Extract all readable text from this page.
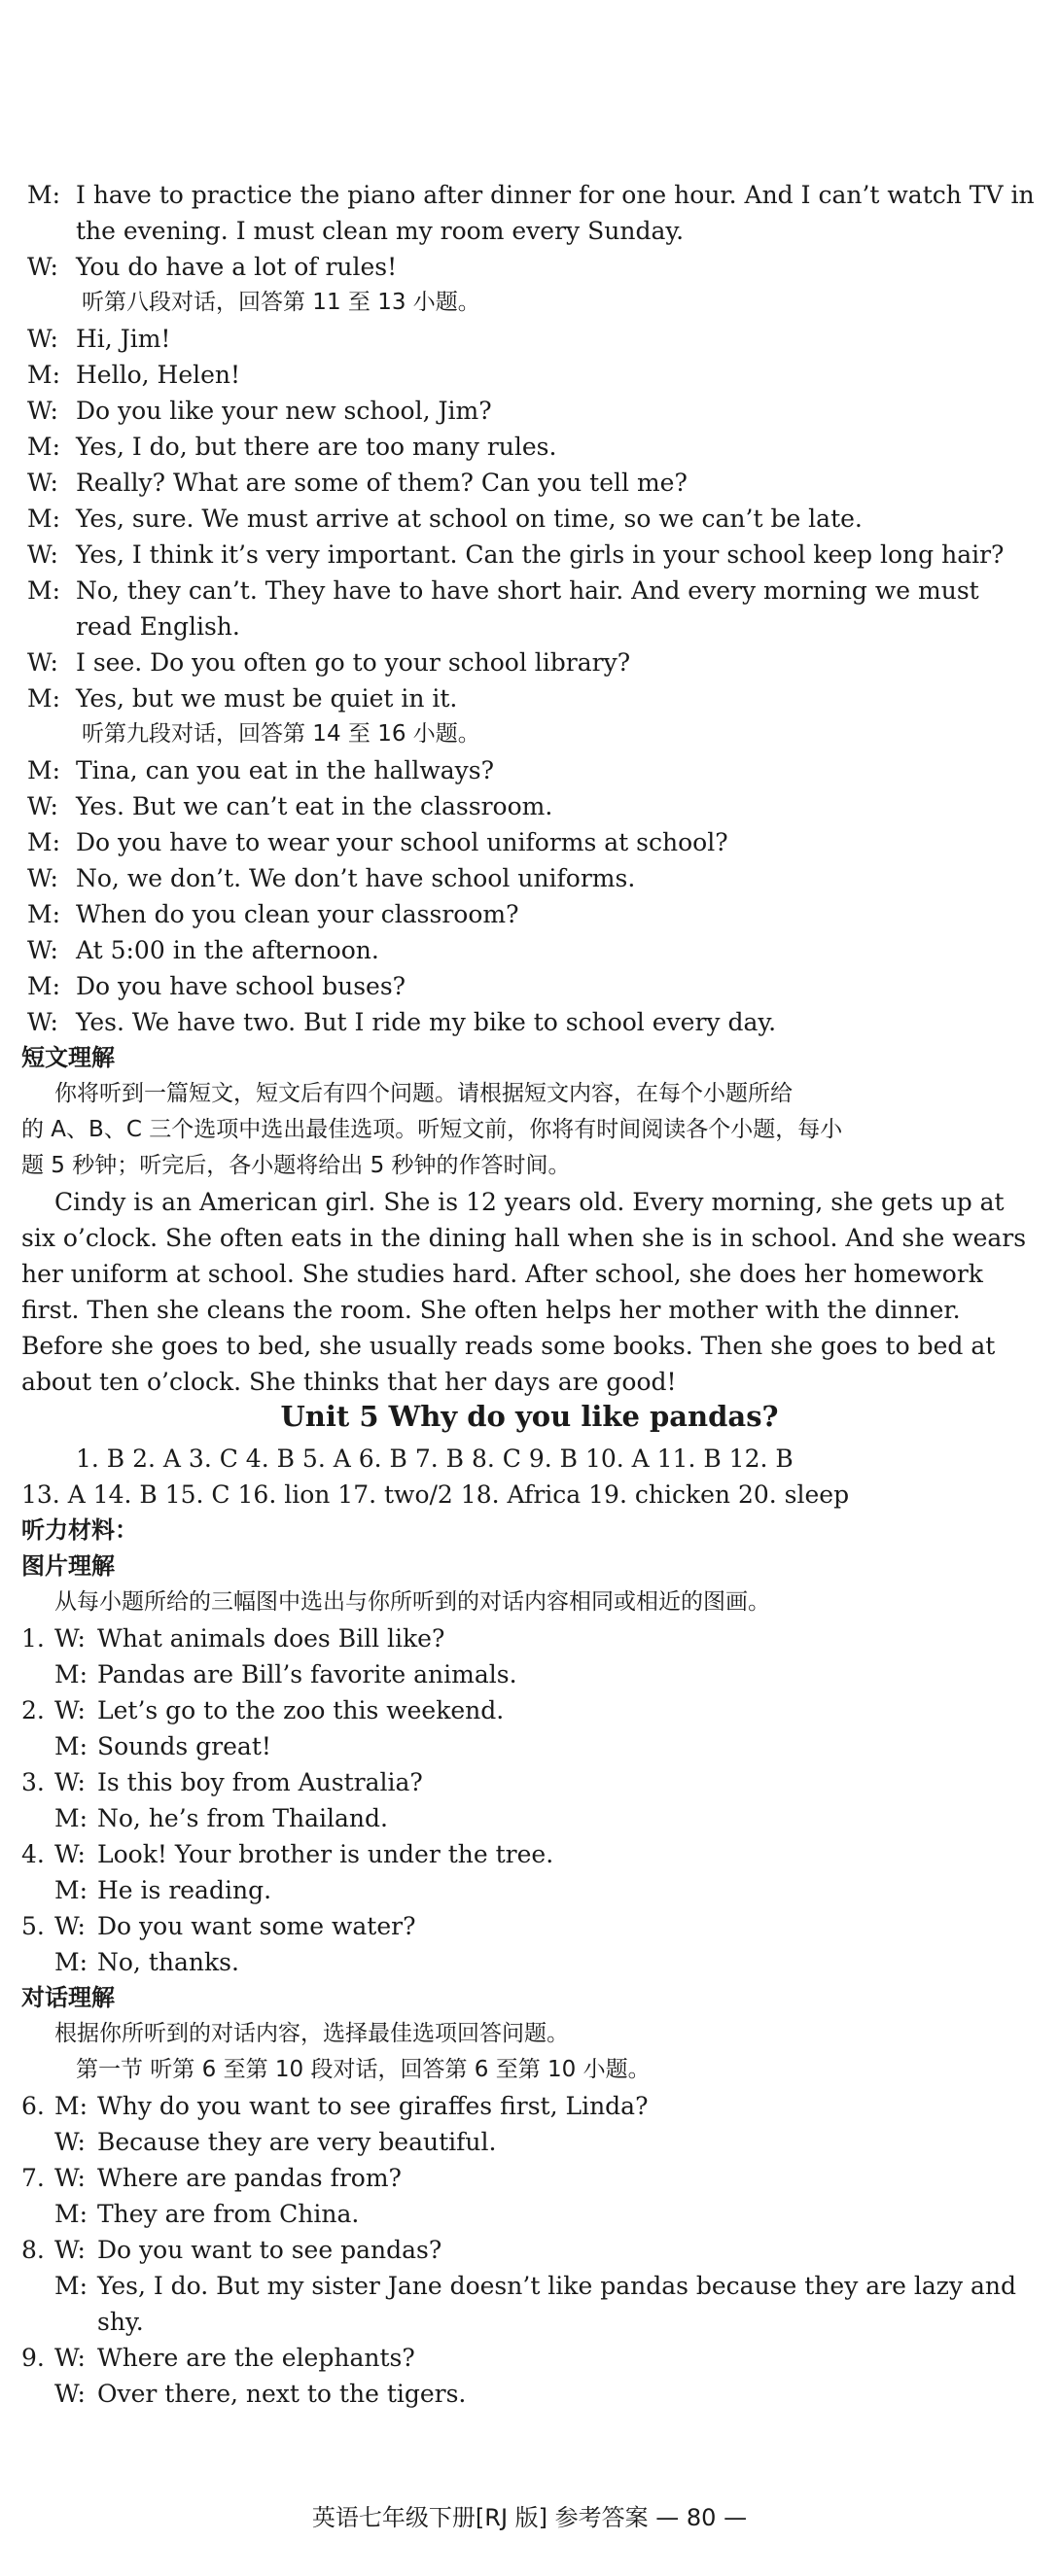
M: I have to practice the piano after dinner for one hour. And I can’t watch TV in
the evening. I must clean my room every Sunday.
W: You do have a lot of rules!
听第八段对话，回答第 11 至 13 小题。
W: Hi, Jim!
M: Hello, Helen!
W: Do you like your new school, Jim?
M: Yes, I do, but there are too many rules.
W: Really? What are some of them? Can you tell me?
M: Yes, sure. We must arrive at school on time, so we can’t be late.
W: Yes, I think it’s very important. Can the girls in your school keep long hair?
M: No, they can’t. They have to have short hair. And every morning we must
read English.
W: I see. Do you often go to your school library?
M: Yes, but we must be quiet in it.
听第九段对话，回答第 14 至 16 小题。
M: Tina, can you eat in the hallways?
W: Yes. But we can’t eat in the classroom.
M: Do you have to wear your school uniforms at school?
W: No, we don’t. We don’t have school uniforms.
M: When do you clean your classroom?
W: At 5:00 in the afternoon.
M: Do you have school buses?
W: Yes. We have two. But I ride my bike to school every day.
短文理解
你将听到一篇短文，短文后有四个问题。请根据短文内容，在每个小题所给
的 A、B、C 三个选项中选出最佳选项。听短文前，你将有时间阅读各个小题，每小
题 5 秒钟；听完后，各小题将给出 5 秒钟的作答时间。
Cindy is an American girl. She is 12 years old. Every morning, she gets up at
six o’clock. She often eats in the dining hall when she is in school. And she wears
her uniform at school. She studies hard. After school, she does her homework
first. Then she cleans the room. She often helps her mother with the dinner.
Before she goes to bed, she usually reads some books. Then she goes to bed at
about ten o’clock. She thinks that her days are good!
Unit 5 Why do you like pandas?
1. B 2. A 3. C 4. B 5. A 6. B 7. B 8. C 9. B 10. A 11. B 12. B
13. A 14. B 15. C 16. lion 17. two/2 18. Africa 19. chicken 20. sleep
听力材料：
图片理解
从每小题所给的三幅图中选出与你所听到的对话内容相同或相近的图画。
1. W: What animals does Bill like?
M: Pandas are Bill’s favorite animals.
2. W: Let’s go to the zoo this weekend.
M: Sounds great!
3. W: Is this boy from Australia?
M: No, he’s from Thailand.
4. W: Look! Your brother is under the tree.
M: He is reading.
5. W: Do you want some water?
M: No, thanks.
对话理解
根据你所听到的对话内容，选择最佳选项回答问题。
第一节 听第 6 至第 10 段对话，回答第 6 至第 10 小题。
6. M: Why do you want to see giraffes first, Linda?
W: Because they are very beautiful.
7. W: Where are pandas from?
M: They are from China.
8. W: Do you want to see pandas?
M: Yes, I do. But my sister Jane doesn’t like pandas because they are lazy and
shy.
9. W: Where are the elephants?
W: Over there, next to the tigers.
英语七年级下册[RJ 版] 参考答案 — 80 —
